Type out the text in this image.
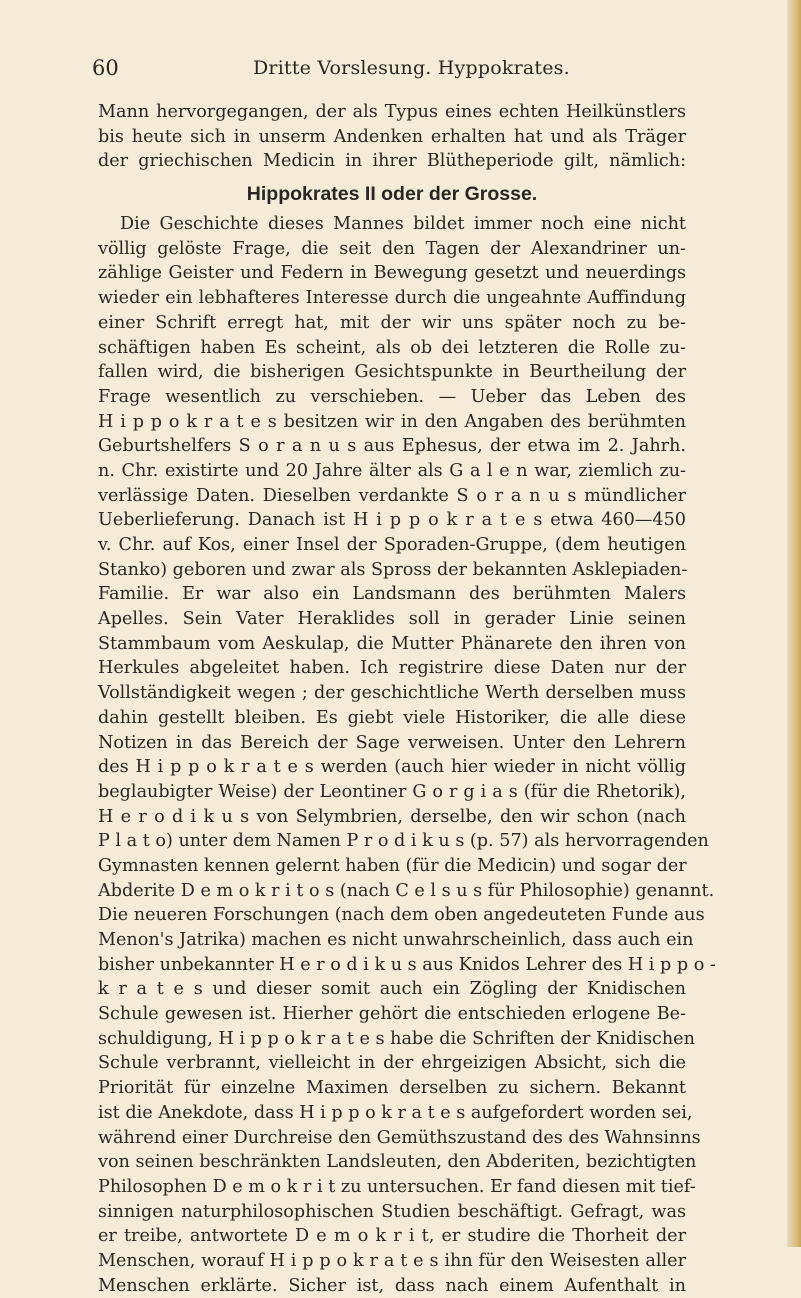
60	Dritte Vorslesung. Hyppokrates.
Mann hervorgegangen, der als Typus eines echten Heilkünstlers
bis heute sich in unserm Andenken erhalten hat und als Träger
der griechischen Medicin in ihrer Blütheperiode gilt, nämlich:
Hippokrates II oder der Grosse.
Die Geschichte dieses Mannes bildet immer noch eine nicht
völlig gelöste Frage, die seit den Tagen der Alexandriner un-
zählige Geister und Federn in Bewegung gesetzt und neuerdings
wieder ein lebhafteres Interesse durch die ungeahnte Auffindung
einer Schrift erregt hat, mit der wir uns später noch zu be-
schäftigen haben Es scheint, als ob dei letzteren die Rolle zu-
fallen wird, die bisherigen Gesichtspunkte in Beurtheilung der
Frage wesentlich zu verschieben. — Ueber das Leben des
H i p p o k r a t e s besitzen wir in den Angaben des berühmten
Geburtshelfers S o r a n u s aus Ephesus, der etwa im 2. Jahrh.
n. Chr. existirte und 20 Jahre älter als G a l e n war, ziemlich zu-
verlässige Daten. Dieselben verdankte S o r a n u s mündlicher
Ueberlieferung. Danach ist H i p p o k r a t e s etwa 460—450
v. Chr. auf Kos, einer Insel der Sporaden-Gruppe, (dem heutigen
Stanko) geboren und zwar als Spross der bekannten Asklepiaden-
Familie. Er war also ein Landsmann des berühmten Malers
Apelles. Sein Vater Heraklides soll in gerader Linie seinen
Stammbaum vom Aeskulap, die Mutter Phänarete den ihren von
Herkules abgeleitet haben. Ich registrire diese Daten nur der
Vollständigkeit wegen ; der geschichtliche Werth derselben muss
dahin gestellt bleiben. Es giebt viele Historiker, die alle diese
Notizen in das Bereich der Sage verweisen. Unter den Lehrern
des H i p p o k r a t e s werden (auch hier wieder in nicht völlig
beglaubigter Weise) der Leontiner G o r g i a s (für die Rhetorik),
H e r o d i k u s von Selymbrien, derselbe, den wir schon (nach
P l a t o) unter dem Namen P r o d i k u s (p. 57) als hervorragenden
Gymnasten kennen gelernt haben (für die Medicin) und sogar der
Abderite D e m o k r i t o s (nach C e l s u s für Philosophie) genannt.
Die neueren Forschungen (nach dem oben angedeuteten Funde aus
Menon's Jatrika) machen es nicht unwahrscheinlich, dass auch ein
bisher unbekannter H e r o d i k u s aus Knidos Lehrer des H i p p o -
k r a t e s und dieser somit auch ein Zögling der Knidischen
Schule gewesen ist. Hierher gehört die entschieden erlogene Be-
schuldigung, H i p p o k r a t e s habe die Schriften der Knidischen
Schule verbrannt, vielleicht in der ehrgeizigen Absicht, sich die
Priorität für einzelne Maximen derselben zu sichern. Bekannt
ist die Anekdote, dass H i p p o k r a t e s aufgefordert worden sei,
während einer Durchreise den Gemüthszustand des des Wahnsinns
von seinen beschränkten Landsleuten, den Abderiten, bezichtigten
Philosophen D e m o k r i t zu untersuchen. Er fand diesen mit tief-
sinnigen naturphilosophischen Studien beschäftigt. Gefragt, was
er treibe, antwortete D e m o k r i t, er studire die Thorheit der
Menschen, worauf H i p p o k r a t e s ihn für den Weisesten aller
Menschen erklärte. Sicher ist, dass nach einem Aufenthalt in
